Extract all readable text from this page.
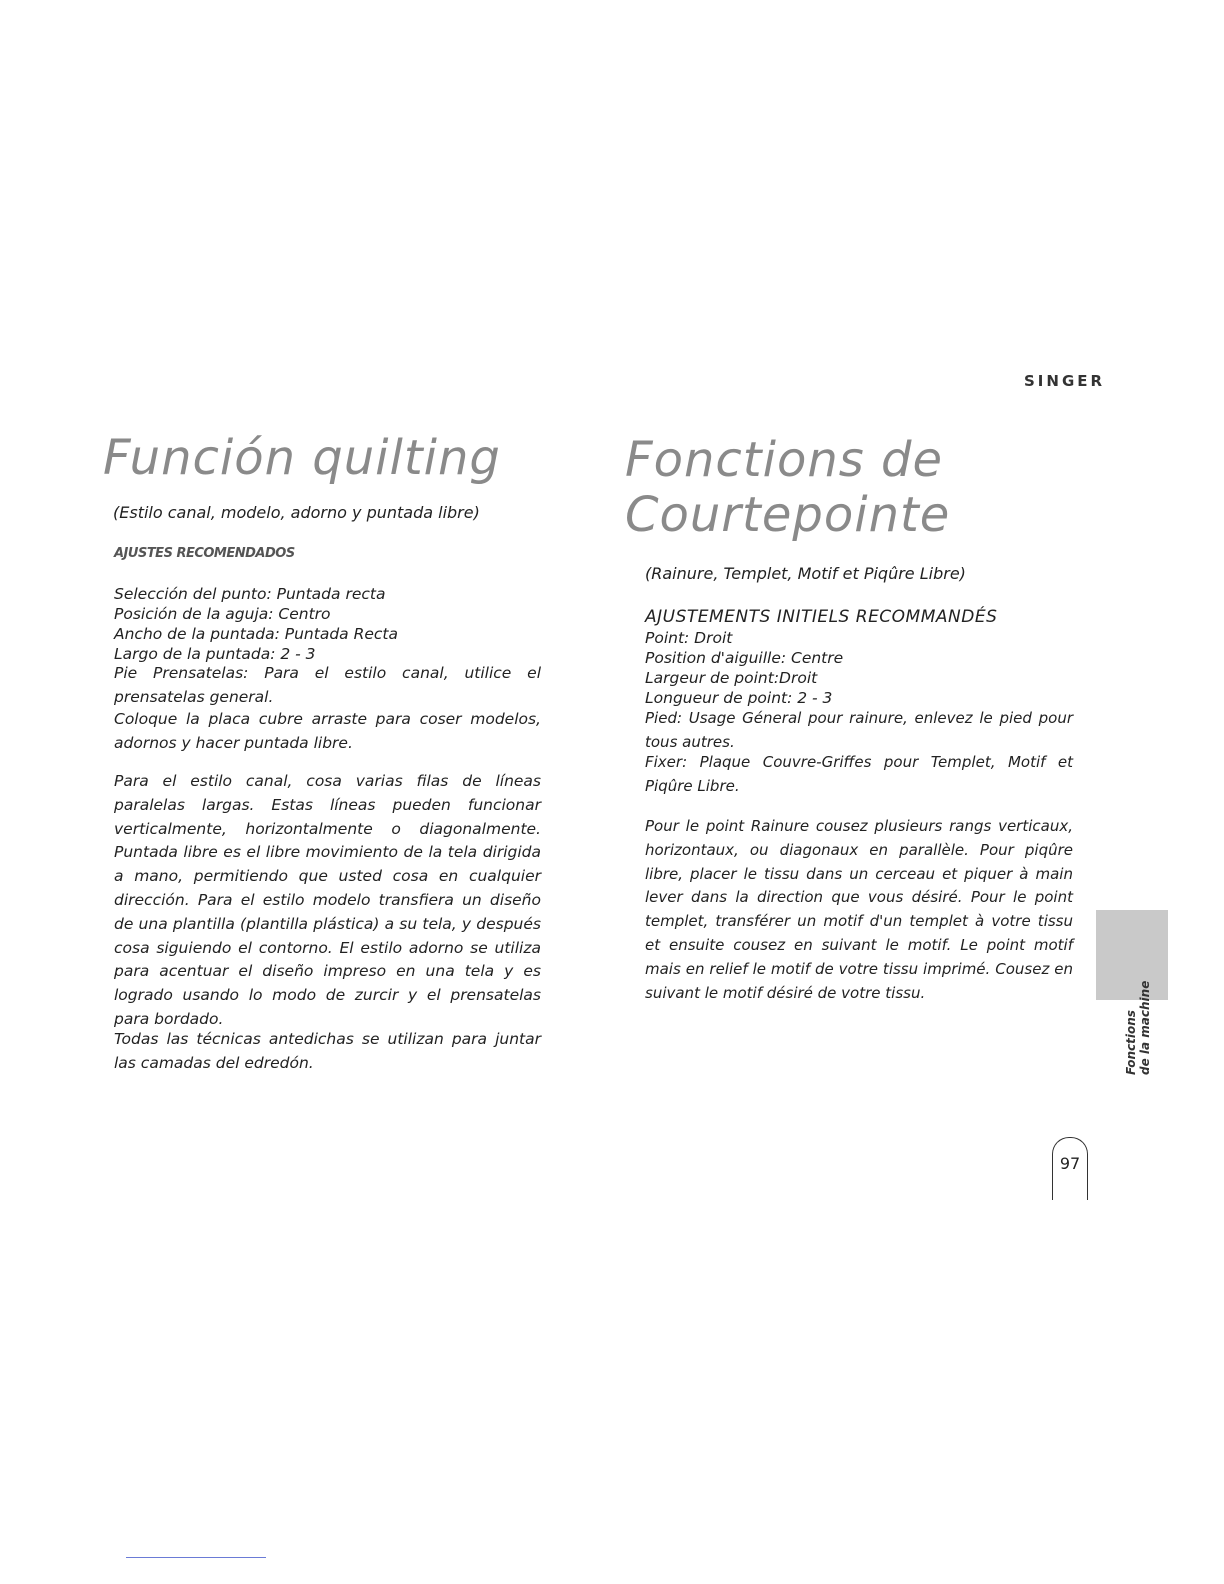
SINGER
Función quilting
(Estilo canal, modelo, adorno y puntada libre)
AJUSTES RECOMENDADOS
Selección del punto: Puntada recta
Posición de la aguja: Centro
Ancho de la puntada: Puntada Recta
Largo de la puntada: 2 - 3
Pie Prensatelas: Para el estilo canal, utilice el prensatelas general.
Coloque la placa cubre arraste para coser modelos, adornos y hacer puntada libre.
Para el estilo canal, cosa varias filas de líneas paralelas largas. Estas líneas pueden funcionar verticalmente, horizontalmente o diagonalmente. Puntada libre es el libre movimiento de la tela dirigida a mano, permitiendo que usted cosa en cualquier dirección. Para el estilo modelo transfiera un diseño de una plantilla (plantilla plástica) a su tela, y después cosa siguiendo el contorno. El estilo adorno se utiliza para acentuar el diseño impreso en una tela y es logrado usando lo modo de zurcir y el prensatelas para bordado.
Todas las técnicas antedichas se utilizan para juntar las camadas del edredón.
Fonctions de
Courtepointe
(Rainure, Templet, Motif et Piqûre Libre)
AJUSTEMENTS INITIELS RECOMMANDÉS
Point: Droit
Position d'aiguille: Centre
Largeur de point:Droit
Longueur de point: 2 - 3
Pied: Usage Géneral pour rainure, enlevez le pied pour tous autres.
Fixer: Plaque Couvre-Griffes pour Templet, Motif et Piqûre Libre.
Pour le point Rainure cousez plusieurs rangs verticaux, horizontaux, ou diagonaux en parallèle. Pour piqûre libre, placer le tissu dans un cerceau et piquer à main lever dans la direction que vous désiré. Pour le point templet, transférer un motif d'un templet à votre tissu et ensuite cousez en suivant le motif. Le point motif mais en relief le motif de votre tissu imprimé. Cousez en suivant le motif désiré de votre tissu.
Fonctions de la machine
97
